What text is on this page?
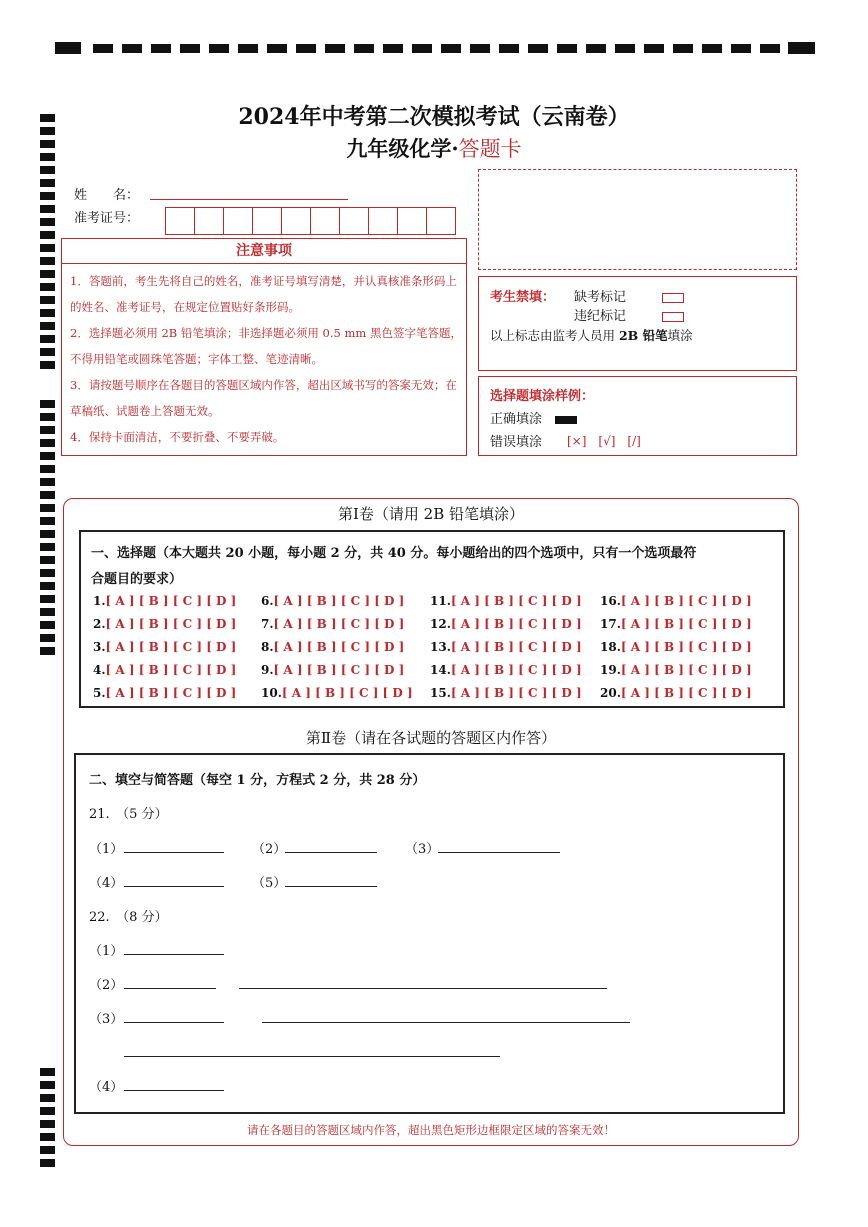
2024年中考第二次模拟考试（云南卷）
九年级化学·答题卡
姓　　名：
准考证号：
注意事项

1．答题前，考生先将自己的姓名，准考证号填写清楚，并认真核准条形码上的姓名、准考证号，在规定位置贴好条形码。

2．选择题必须用 2B 铅笔填涂；非选择题必须用 0.5 mm 黑色签字笔答题，不得用铅笔或圆珠笔答题；字体工整、笔迹清晰。

3．请按题号顺序在各题目的答题区域内作答，超出区域书写的答案无效；在草稿纸、试题卷上答题无效。

4．保持卡面清洁，不要折叠、不要弄破。

考生禁填： 缺考标记
违纪标记
以上标志由监考人员用 2B 铅笔填涂
选择题填涂样例：
正确填涂
错误填涂 [×]　[√]　[/]
第Ⅰ卷（请用 2B 铅笔填涂）
一、选择题（本大题共 20 小题，每小题 2 分，共 40 分。每小题给出的四个选项中，只有一个选项最符
合题目的要求）
1.[ A ] [ B ] [ C ] [ D ]
2.[ A ] [ B ] [ C ] [ D ]
3.[ A ] [ B ] [ C ] [ D ]
4.[ A ] [ B ] [ C ] [ D ]
5.[ A ] [ B ] [ C ] [ D ]
6.[ A ] [ B ] [ C ] [ D ]
7.[ A ] [ B ] [ C ] [ D ]
8.[ A ] [ B ] [ C ] [ D ]
9.[ A ] [ B ] [ C ] [ D ]
10.[ A ] [ B ] [ C ] [ D ]
11.[ A ] [ B ] [ C ] [ D ]
12.[ A ] [ B ] [ C ] [ D ]
13.[ A ] [ B ] [ C ] [ D ]
14.[ A ] [ B ] [ C ] [ D ]
15.[ A ] [ B ] [ C ] [ D ]
16.[ A ] [ B ] [ C ] [ D ]
17.[ A ] [ B ] [ C ] [ D ]
18.[ A ] [ B ] [ C ] [ D ]
19.[ A ] [ B ] [ C ] [ D ]
20.[ A ] [ B ] [ C ] [ D ]
第Ⅱ卷（请在各试题的答题区内作答）
二、填空与简答题（每空 1 分，方程式 2 分，共 28 分）
21.　（5 分）
（1）	（2）	（3）
（4）	（5）
22.　（8 分）
（1）
（2）
（3）
（4）
请在各题目的答题区域内作答，超出黑色矩形边框限定区域的答案无效！
